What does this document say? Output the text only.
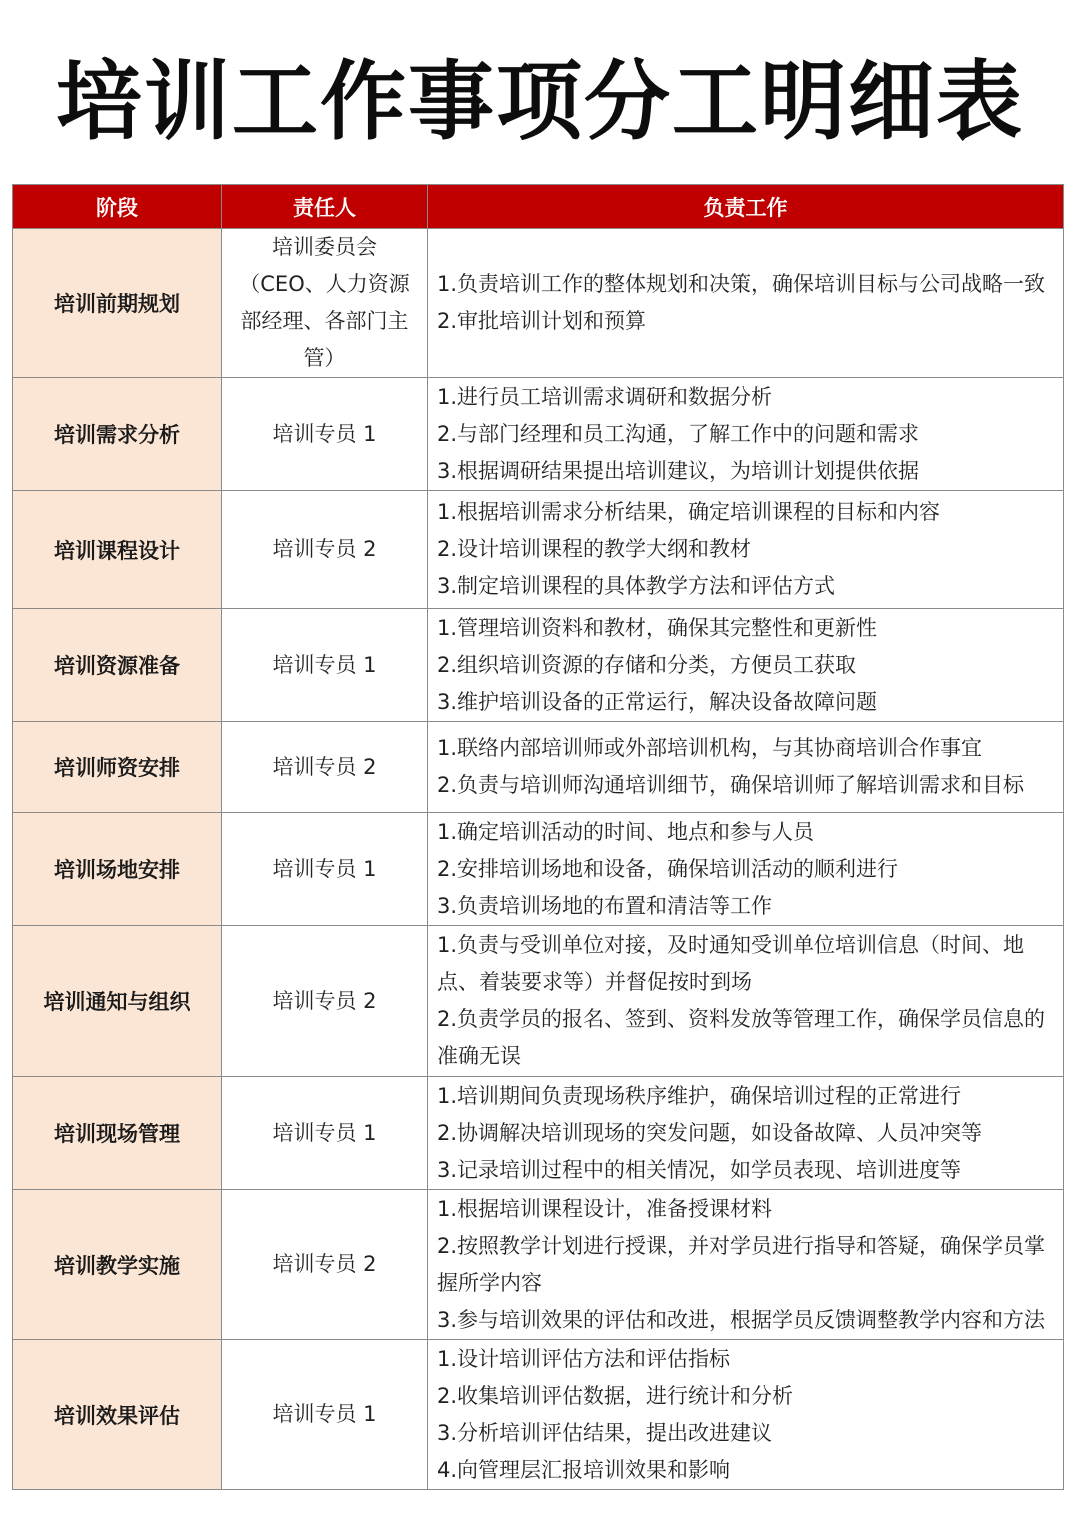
培训工作事项分工明细表
阶段	责任人	负责工作
培训前期规划	培训委员会（CEO、人力资源部经理、各部门主管）	1.负责培训工作的整体规划和决策，确保培训目标与公司战略一致
2.审批培训计划和预算

培训需求分析	培训专员 1	1.进行员工培训需求调研和数据分析
2.与部门经理和员工沟通，了解工作中的问题和需求
3.根据调研结果提出培训建议，为培训计划提供依据

培训课程设计	培训专员 2	1.根据培训需求分析结果，确定培训课程的目标和内容
2.设计培训课程的教学大纲和教材
3.制定培训课程的具体教学方法和评估方式

培训资源准备	培训专员 1	1.管理培训资料和教材，确保其完整性和更新性
2.组织培训资源的存储和分类，方便员工获取
3.维护培训设备的正常运行，解决设备故障问题

培训师资安排	培训专员 2	1.联络内部培训师或外部培训机构，与其协商培训合作事宜
2.负责与培训师沟通培训细节，确保培训师了解培训需求和目标

培训场地安排	培训专员 1	1.确定培训活动的时间、地点和参与人员
2.安排培训场地和设备，确保培训活动的顺利进行
3.负责培训场地的布置和清洁等工作

培训通知与组织	培训专员 2	1.负责与受训单位对接，及时通知受训单位培训信息（时间、地点、着装要求等）并督促按时到场
2.负责学员的报名、签到、资料发放等管理工作，确保学员信息的准确无误

培训现场管理	培训专员 1	1.培训期间负责现场秩序维护，确保培训过程的正常进行
2.协调解决培训现场的突发问题，如设备故障、人员冲突等
3.记录培训过程中的相关情况，如学员表现、培训进度等

培训教学实施	培训专员 2	1.根据培训课程设计，准备授课材料
2.按照教学计划进行授课，并对学员进行指导和答疑，确保学员掌握所学内容
3.参与培训效果的评估和改进，根据学员反馈调整教学内容和方法

培训效果评估	培训专员 1	1.设计培训评估方法和评估指标
2.收集培训评估数据，进行统计和分析
3.分析培训评估结果，提出改进建议
4.向管理层汇报培训效果和影响
